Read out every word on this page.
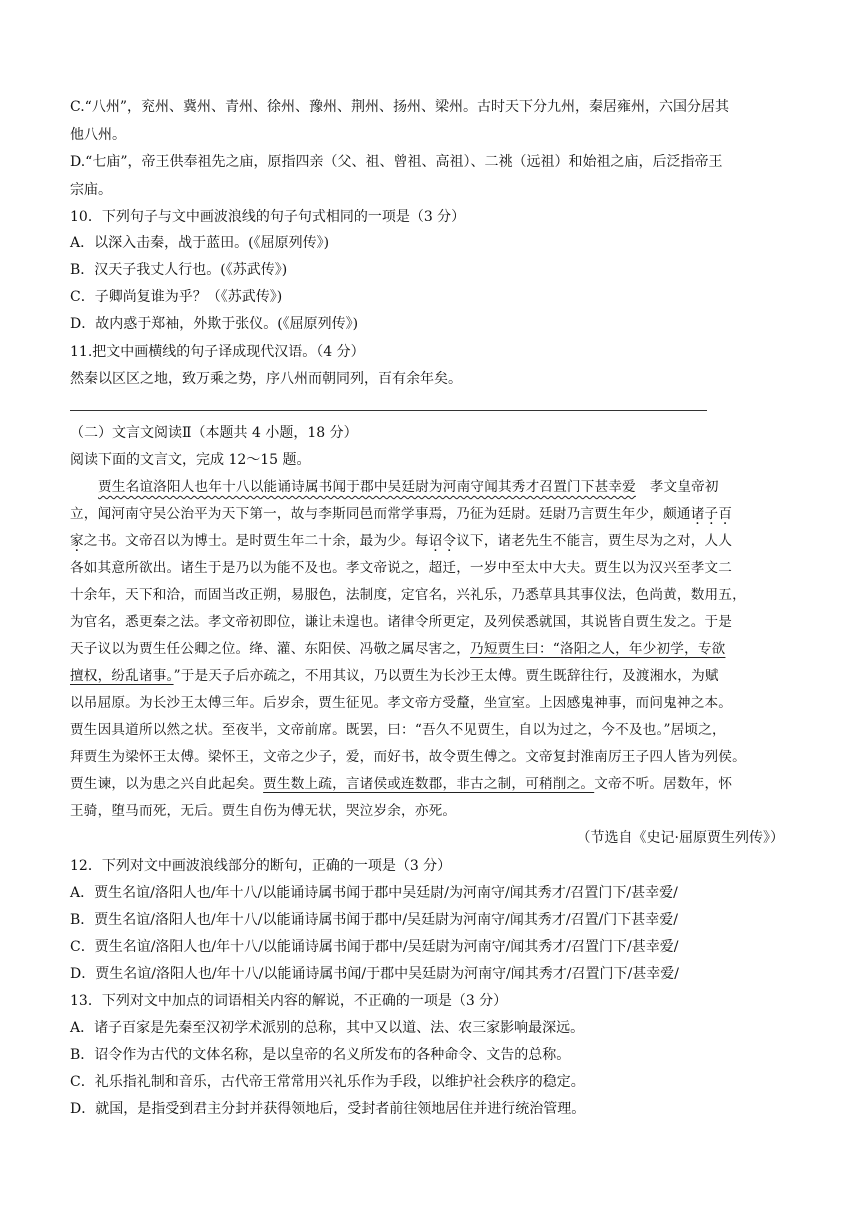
C.“八州”，兖州、冀州、青州、徐州、豫州、荆州、扬州、梁州。古时天下分九州，秦居雍州，六国分居其
他八州。
D.“七庙”，帝王供奉祖先之庙，原指四亲（父、祖、曾祖、高祖）、二祧（远祖）和始祖之庙，后泛指帝王
宗庙。
10．下列句子与文中画波浪线的句子句式相同的一项是（3 分）
A．以深入击秦，战于蓝田。(《屈原列传》)
B．汉天子我丈人行也。(《苏武传》)
C．子卿尚复谁为乎？（《苏武传》)
D．故内惑于郑袖，外欺于张仪。(《屈原列传》)
11.把文中画横线的句子译成现代汉语。（4 分）
然秦以区区之地，致万乘之势，序八州而朝同列，百有余年矣。
（二）文言文阅读Ⅱ（本题共 4 小题，18 分）
阅读下面的文言文，完成 12～15 题。
贾生名谊洛阳人也年十八以能诵诗属书闻于郡中吴廷尉为河南守闻其秀才召置门下甚幸爱　 孝文皇帝初
立，闻河南守吴公治平为天下第一，故与李斯同邑而常学事焉，乃征为廷尉。廷尉乃言贾生年少，颇通诸子百
家之书。文帝召以为博士。是时贾生年二十余，最为少。每诏令议下，诸老先生不能言，贾生尽为之对，人人
各如其意所欲出。诸生于是乃以为能不及也。孝文帝说之，超迁，一岁中至太中大夫。贾生以为汉兴至孝文二
十余年，天下和洽，而固当改正朔，易服色，法制度，定官名，兴礼乐，乃悉草具其事仪法，色尚黄，数用五，
为官名，悉更秦之法。孝文帝初即位，谦让未遑也。诸律令所更定，及列侯悉就国，其说皆自贾生发之。于是
天子议以为贾生任公卿之位。绛、灌、东阳侯、冯敬之属尽害之，乃短贾生曰：“洛阳之人，年少初学，专欲
擅权，纷乱诸事。”于是天子后亦疏之，不用其议，乃以贾生为长沙王太傅。贾生既辞往行，及渡湘水，为赋
以吊屈原。为长沙王太傅三年。后岁余，贾生征见。孝文帝方受釐，坐宣室。上因感鬼神事，而问鬼神之本。
贾生因具道所以然之状。至夜半，文帝前席。既罢，曰：“吾久不见贾生，自以为过之，今不及也。”居顷之，
拜贾生为梁怀王太傅。梁怀王，文帝之少子，爱，而好书，故令贾生傅之。文帝复封淮南厉王子四人皆为列侯。
贾生谏，以为患之兴自此起矣。贾生数上疏，言诸侯或连数郡，非古之制，可稍削之。文帝不听。居数年，怀
王骑，堕马而死，无后。贾生自伤为傅无状，哭泣岁余，亦死。
（节选自《史记·屈原贾生列传》）
12．下列对文中画波浪线部分的断句，正确的一项是（3 分）
A．贾生名谊/洛阳人也/年十八/以能诵诗属书闻于郡中吴廷尉/为河南守/闻其秀才/召置门下/甚幸爱/
B．贾生名谊/洛阳人也/年十八/以能诵诗属书闻于郡中/吴廷尉为河南守/闻其秀才/召置/门下甚幸爱/
C．贾生名谊/洛阳人也/年十八/以能诵诗属书闻于郡中/吴廷尉为河南守/闻其秀才/召置门下/甚幸爱/
D．贾生名谊/洛阳人也/年十八/以能诵诗属书闻/于郡中吴廷尉为河南守/闻其秀才/召置门下/甚幸爱/
13．下列对文中加点的词语相关内容的解说，不正确的一项是（3 分）
A．诸子百家是先秦至汉初学术派别的总称，其中又以道、法、农三家影响最深远。
B．诏令作为古代的文体名称，是以皇帝的名义所发布的各种命令、文告的总称。
C．礼乐指礼制和音乐，古代帝王常常用兴礼乐作为手段，以维护社会秩序的稳定。
D．就国，是指受到君主分封并获得领地后，受封者前往领地居住并进行统治管理。
